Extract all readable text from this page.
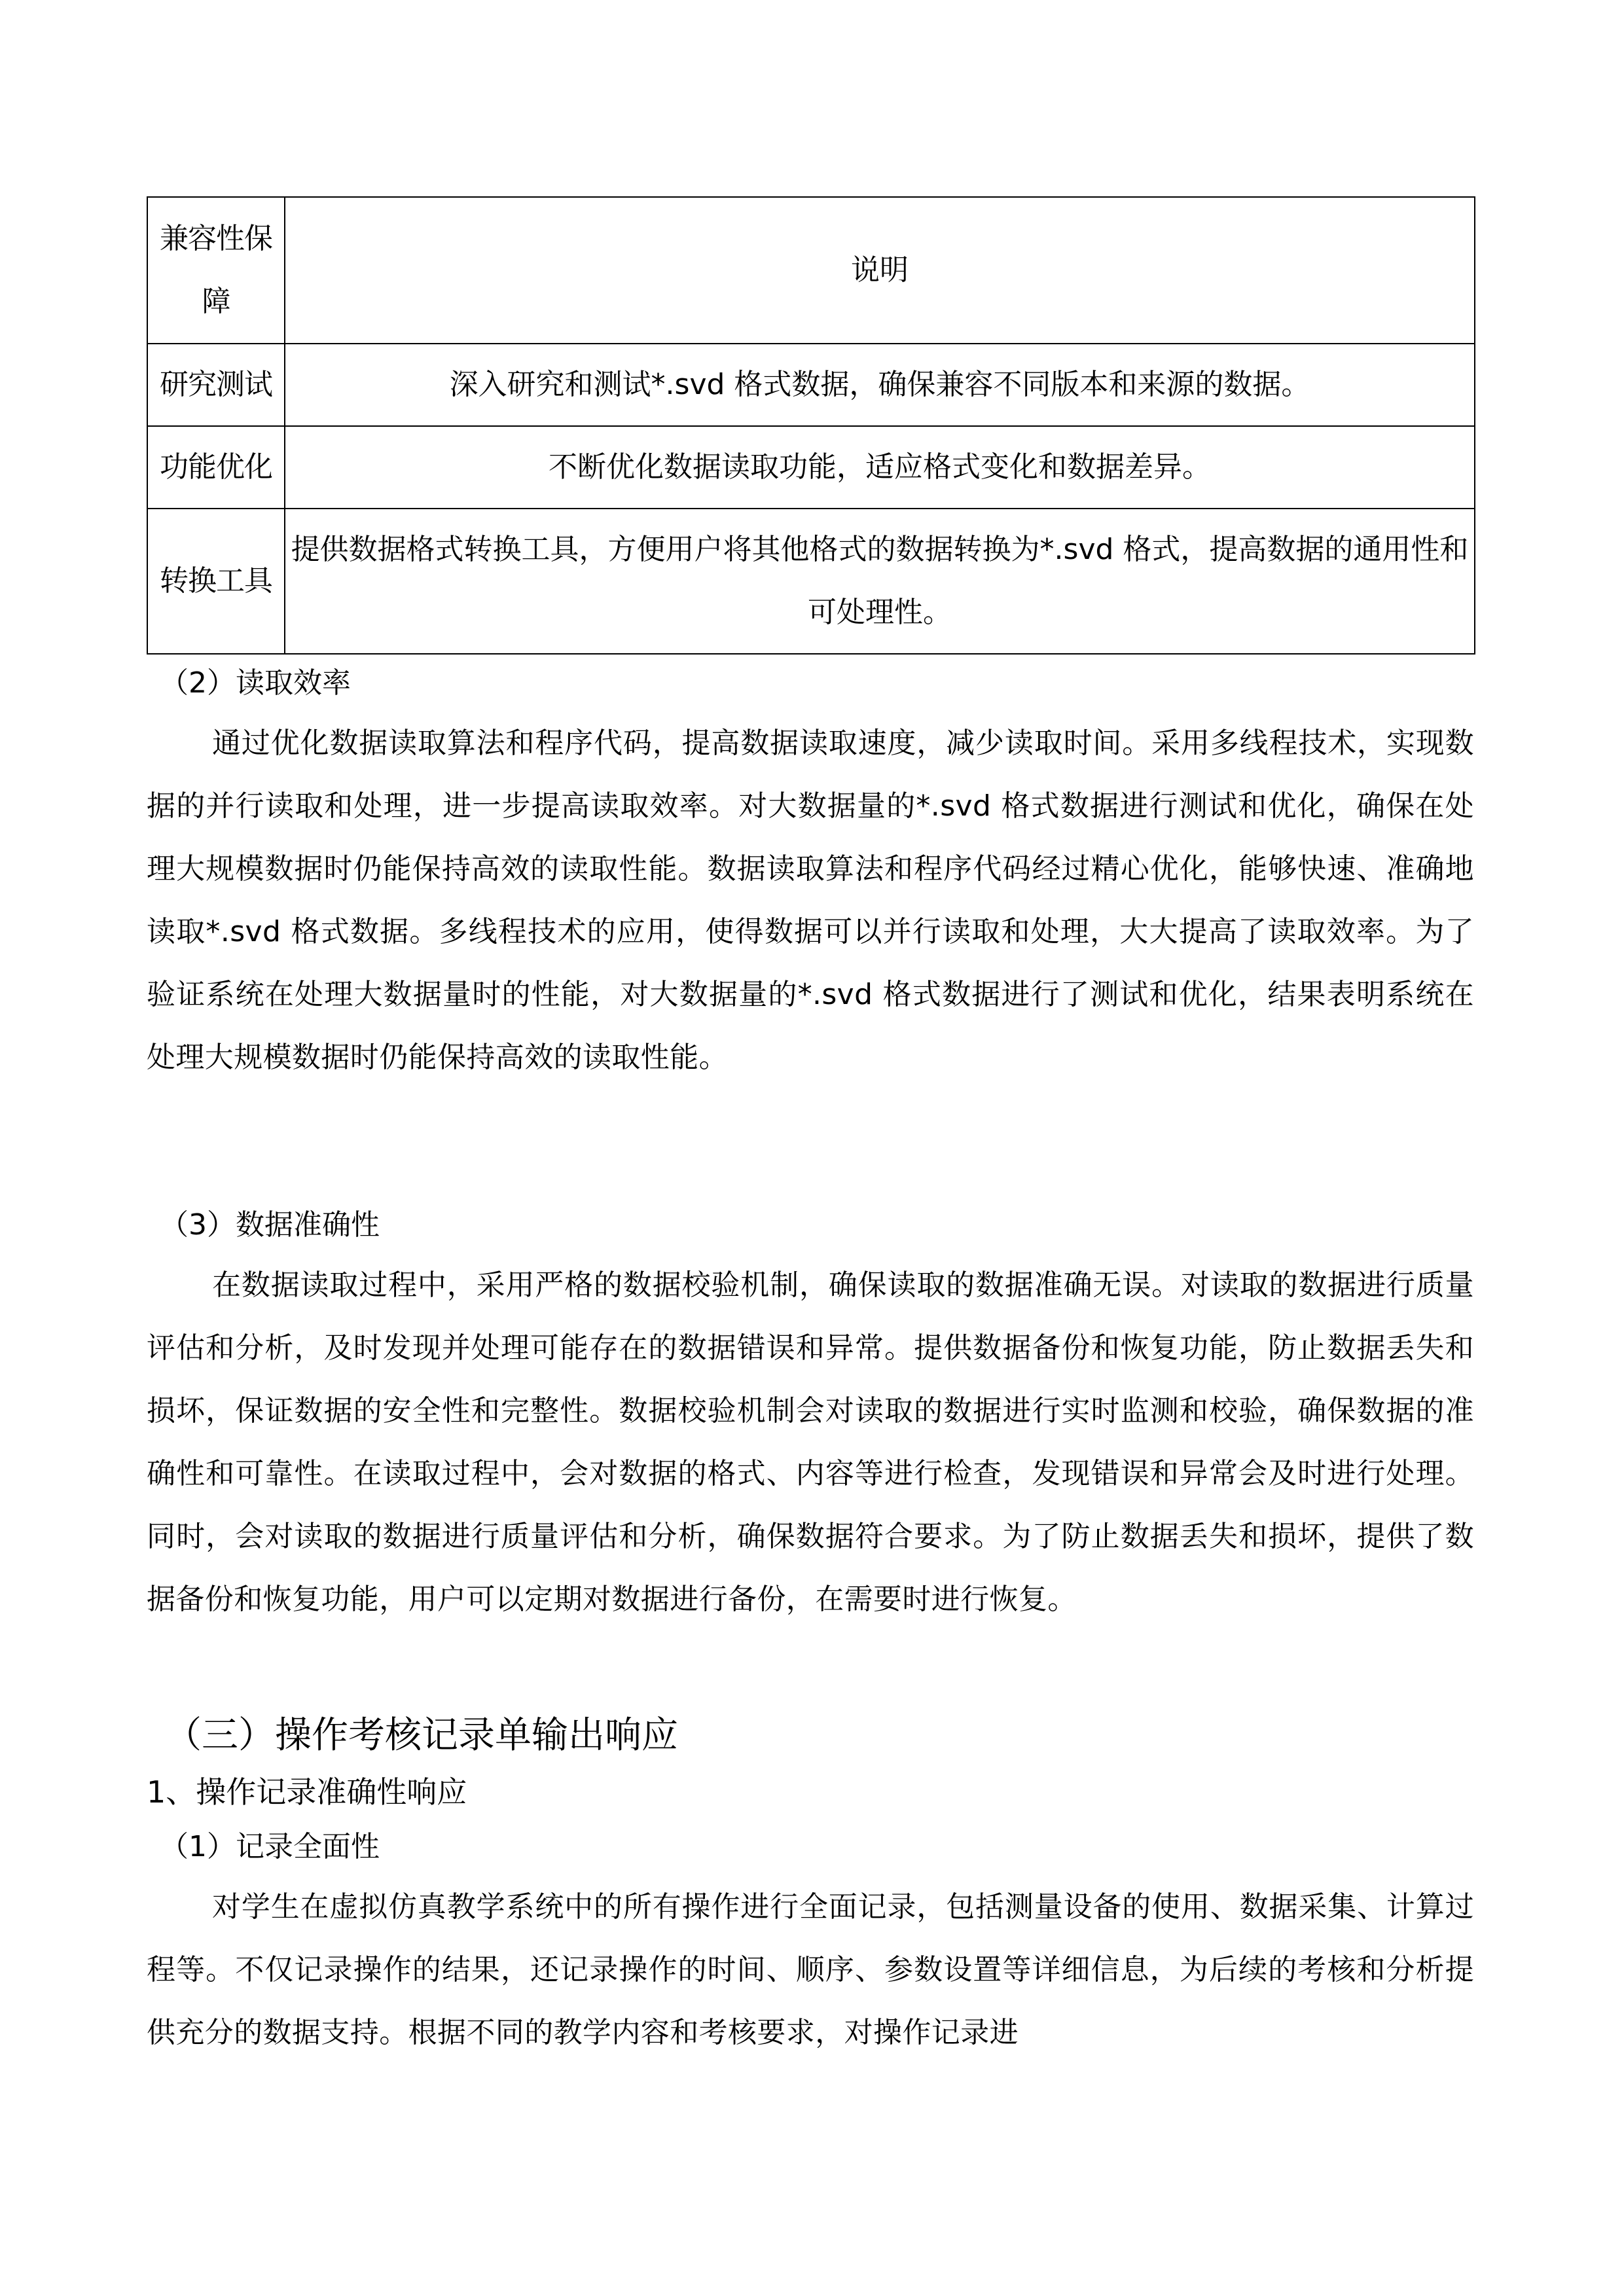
兼容性保障	说明
研究测试	深入研究和测试*.svd 格式数据，确保兼容不同版本和来源的数据。
功能优化	不断优化数据读取功能，适应格式变化和数据差异。
转换工具	提供数据格式转换工具，方便用户将其他格式的数据转换为*.svd 格式，提高数据的通用性和可处理性。
（2）读取效率
通过优化数据读取算法和程序代码，提高数据读取速度，减少读取时间。采用多线程技术，实现数据的并行读取和处理，进一步提高读取效率。对大数据量的*.svd 格式数据进行测试和优化，确保在处理大规模数据时仍能保持高效的读取性能。数据读取算法和程序代码经过精心优化，能够快速、准确地读取*.svd 格式数据。多线程技术的应用，使得数据可以并行读取和处理，大大提高了读取效率。为了验证系统在处理大数据量时的性能，对大数据量的*.svd 格式数据进行了测试和优化，结果表明系统在处理大规模数据时仍能保持高效的读取性能。
（3）数据准确性
在数据读取过程中，采用严格的数据校验机制，确保读取的数据准确无误。对读取的数据进行质量评估和分析，及时发现并处理可能存在的数据错误和异常。提供数据备份和恢复功能，防止数据丢失和损坏，保证数据的安全性和完整性。数据校验机制会对读取的数据进行实时监测和校验，确保数据的准确性和可靠性。在读取过程中，会对数据的格式、内容等进行检查，发现错误和异常会及时进行处理。同时，会对读取的数据进行质量评估和分析，确保数据符合要求。为了防止数据丢失和损坏，提供了数据备份和恢复功能，用户可以定期对数据进行备份，在需要时进行恢复。
（三）操作考核记录单输出响应
1、操作记录准确性响应
（1）记录全面性
对学生在虚拟仿真教学系统中的所有操作进行全面记录，包括测量设备的使用、数据采集、计算过程等。不仅记录操作的结果，还记录操作的时间、顺序、参数设置等详细信息，为后续的考核和分析提供充分的数据支持。根据不同的教学内容和考核要求，对操作记录进
